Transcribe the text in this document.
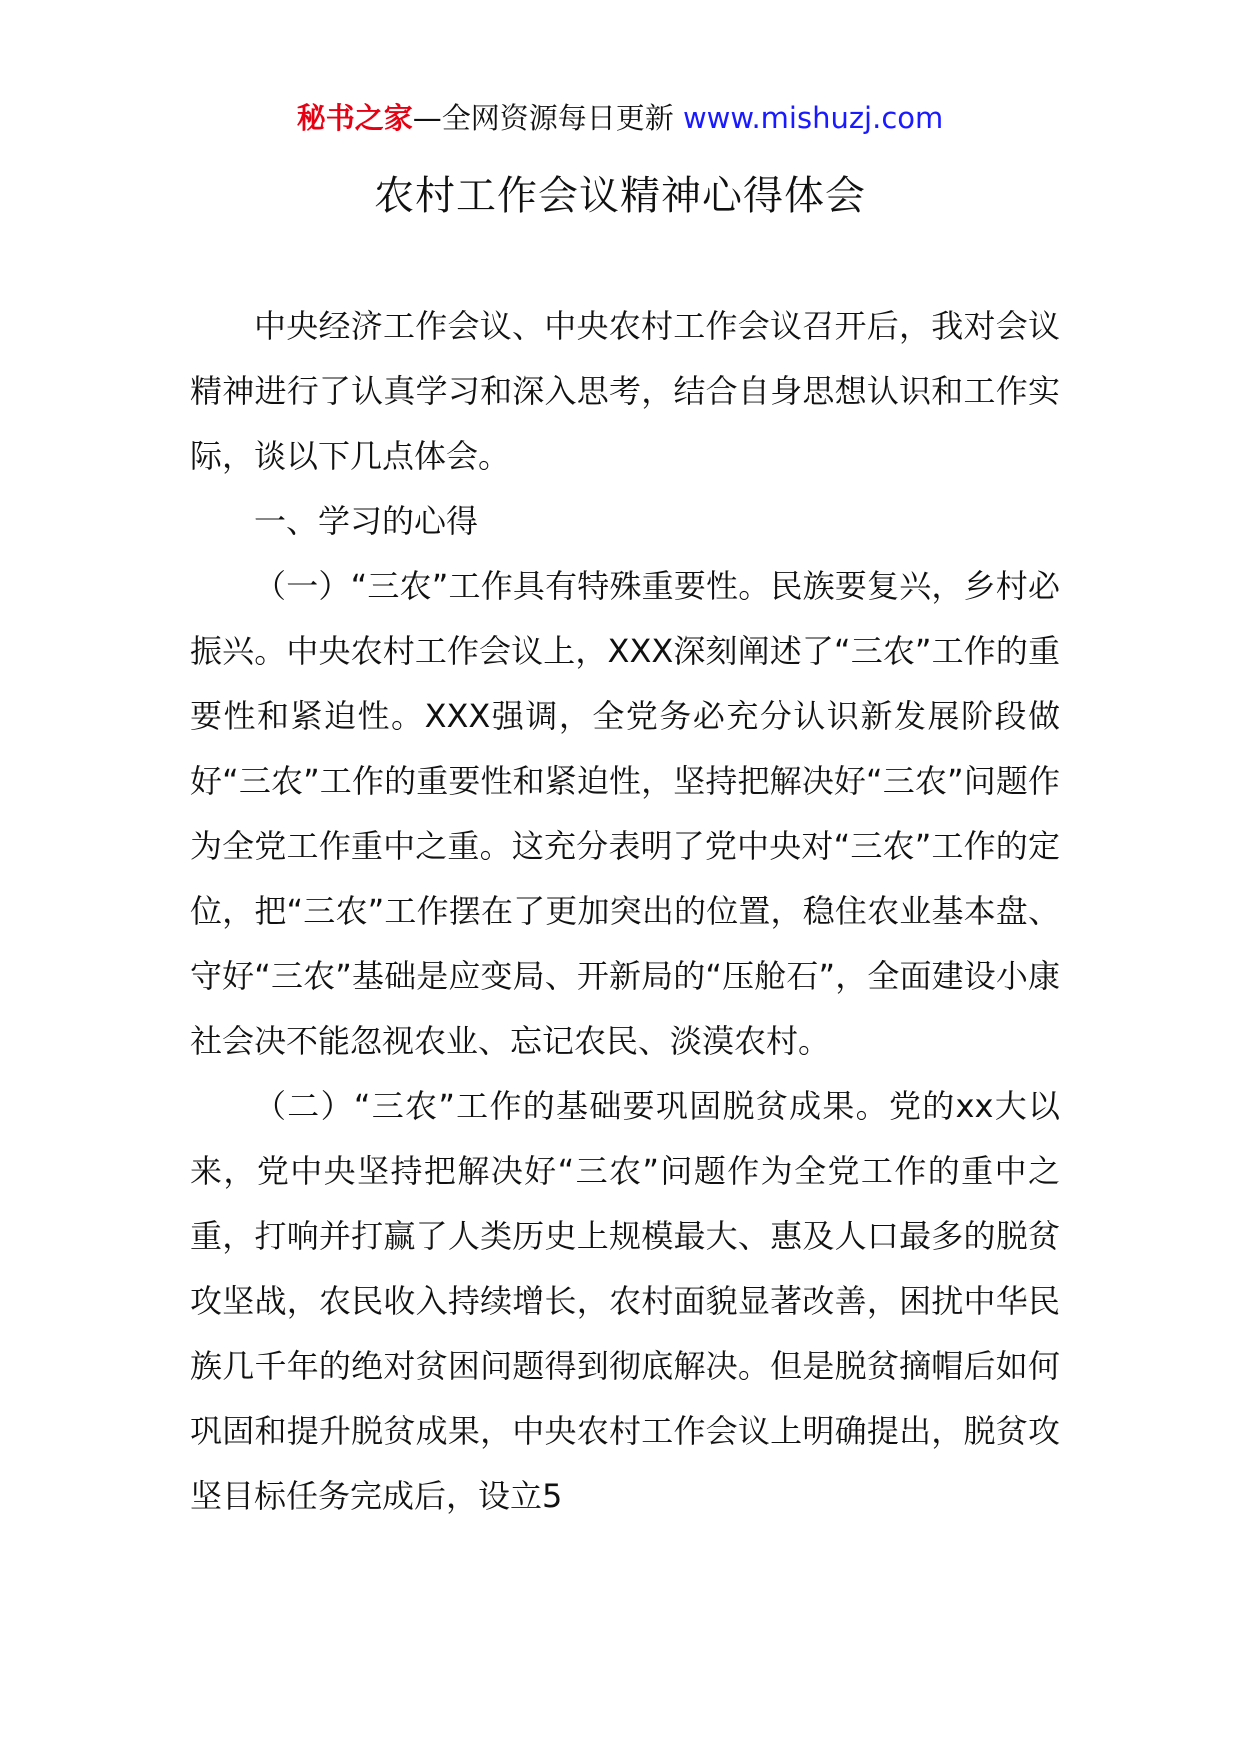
秘书之家—全网资源每日更新 www.mishuzj.com
农村工作会议精神心得体会

中央经济工作会议、中央农村工作会议召开后，我对会议精神进行了认真学习和深入思考，结合自身思想认识和工作实际，谈以下几点体会。

一、学习的心得

（一）“三农”工作具有特殊重要性。民族要复兴，乡村必振兴。中央农村工作会议上，XXX深刻阐述了“三农”工作的重要性和紧迫性。XXX强调，全党务必充分认识新发展阶段做好“三农”工作的重要性和紧迫性，坚持把解决好“三农”问题作为全党工作重中之重。这充分表明了党中央对“三农”工作的定位，把“三农”工作摆在了更加突出的位置，稳住农业基本盘、守好“三农”基础是应变局、开新局的“压舱石”，全面建设小康社会决不能忽视农业、忘记农民、淡漠农村。

（二）“三农”工作的基础要巩固脱贫成果。党的xx大以来，党中央坚持把解决好“三农”问题作为全党工作的重中之重，打响并打赢了人类历史上规模最大、惠及人口最多的脱贫攻坚战，农民收入持续增长，农村面貌显著改善，困扰中华民族几千年的绝对贫困问题得到彻底解决。但是脱贫摘帽后如何巩固和提升脱贫成果，中央农村工作会议上明确提出，脱贫攻坚目标任务完成后，设立5
